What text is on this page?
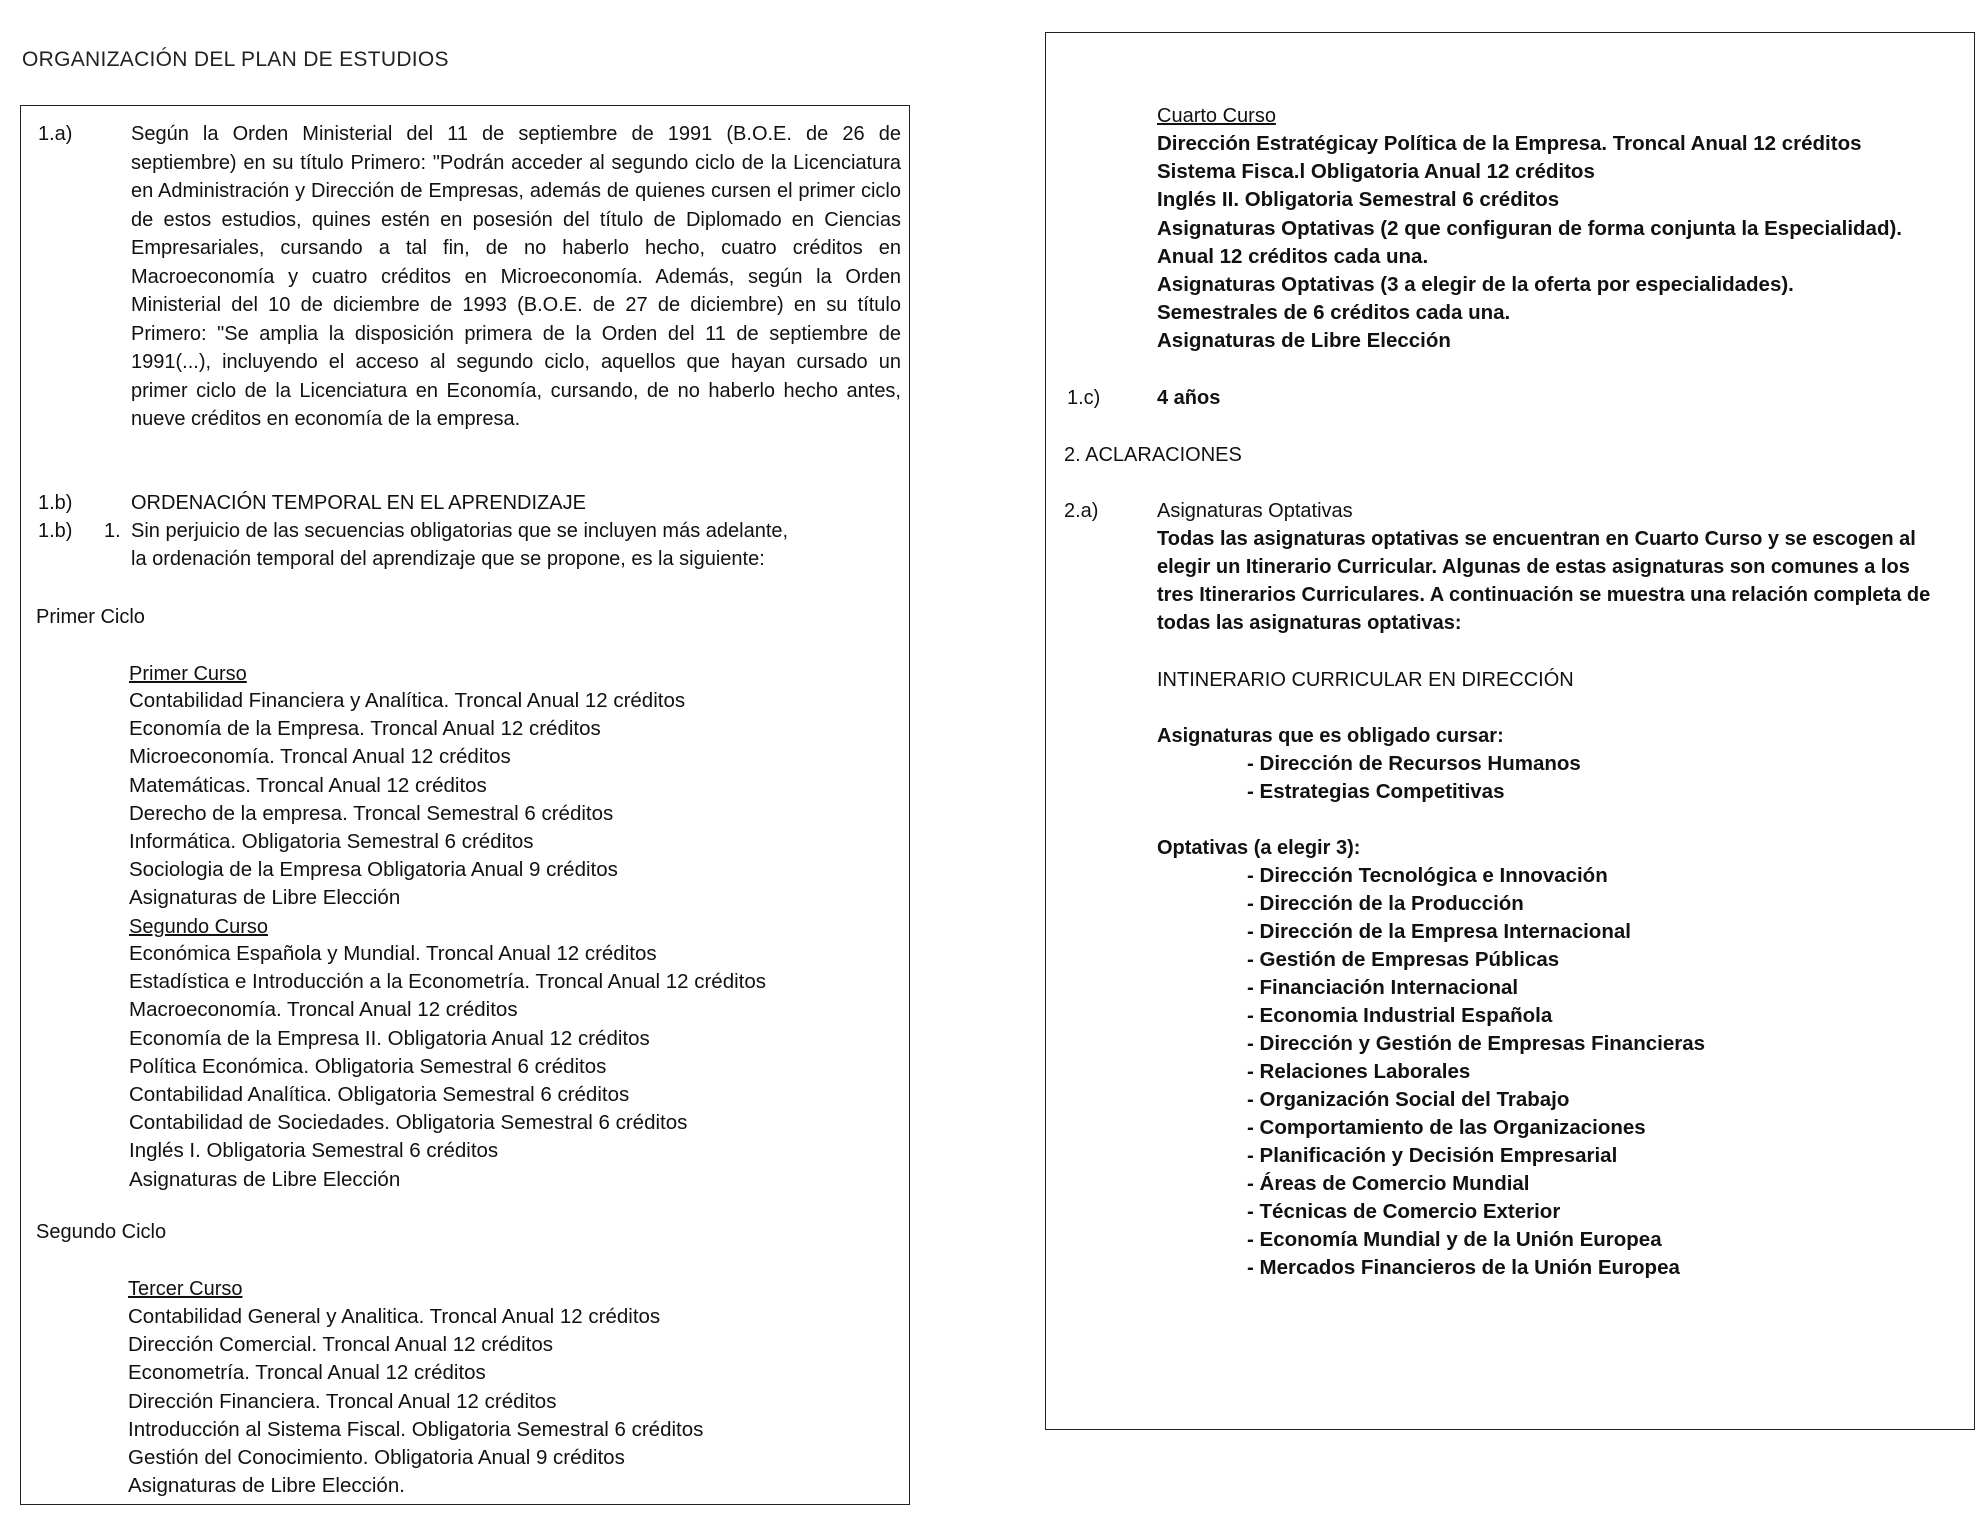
ORGANIZACIÓN DEL PLAN DE ESTUDIOS
1.a)	Según la Orden Ministerial del 11 de septiembre de 1991 (B.O.E. de 26 de septiembre) en su título Primero: "Podrán acceder al segundo ciclo de la Licenciatura en Administración y Dirección de Empresas, además de quienes cursen el primer ciclo de estos estudios, quines estén en posesión del título de Diplomado en Ciencias Empresariales, cursando a tal fin, de no haberlo hecho, cuatro créditos en Macroeconomía y cuatro créditos en Microeconomía. Además, según la Orden Ministerial del 10 de diciembre de 1993 (B.O.E. de 27 de diciembre) en su título Primero: "Se amplia la disposición primera de la Orden del 11 de septiembre de 1991(...), incluyendo el acceso al segundo ciclo, aquellos que hayan cursado un primer ciclo de la Licenciatura en Economía, cursando, de no haberlo hecho antes, nueve créditos en economía de la empresa.
1.b)	ORDENACIÓN TEMPORAL EN EL APRENDIZAJE
1.b) 1. Sin perjuicio de las secuencias obligatorias que se incluyen más adelante,
la ordenación temporal del aprendizaje que se propone, es la siguiente:
Primer Ciclo
Primer Curso
Contabilidad Financiera y Analítica. Troncal Anual 12 créditos
Economía de la Empresa. Troncal Anual 12 créditos
Microeconomía. Troncal Anual 12 créditos
Matemáticas. Troncal Anual 12 créditos
Derecho de la empresa. Troncal Semestral 6 créditos
Informática. Obligatoria Semestral 6 créditos
Sociologia de la Empresa Obligatoria Anual 9 créditos
Asignaturas de Libre Elección
Segundo Curso
Económica Española y Mundial. Troncal Anual 12 créditos
Estadística e Introducción a la Econometría. Troncal Anual 12 créditos
Macroeconomía. Troncal Anual 12 créditos
Economía de la Empresa II. Obligatoria Anual 12 créditos
Política Económica. Obligatoria Semestral 6 créditos
Contabilidad Analítica. Obligatoria Semestral 6 créditos
Contabilidad de Sociedades. Obligatoria Semestral 6 créditos
Inglés I. Obligatoria Semestral 6 créditos
Asignaturas de Libre Elección
Segundo Ciclo
Tercer Curso
Contabilidad General y Analitica. Troncal Anual 12 créditos
Dirección Comercial. Troncal Anual 12 créditos
Econometría. Troncal Anual 12 créditos
Dirección Financiera. Troncal Anual 12 créditos
Introducción al Sistema Fiscal. Obligatoria Semestral 6 créditos
Gestión del Conocimiento. Obligatoria Anual 9 créditos
Asignaturas de Libre Elección.
Cuarto Curso
Dirección Estratégicay Política de la Empresa. Troncal Anual 12 créditos
Sistema Fisca.l Obligatoria Anual 12 créditos
Inglés II. Obligatoria Semestral 6 créditos
Asignaturas Optativas (2 que configuran de forma conjunta la Especialidad).
Anual 12 créditos cada una.
Asignaturas Optativas (3 a elegir de la oferta por especialidades).
Semestrales de 6 créditos cada una.
Asignaturas de Libre Elección
1.c)	4 años
2. ACLARACIONES
2.a)	Asignaturas Optativas
Todas las asignaturas optativas se encuentran en Cuarto Curso y se escogen al elegir un Itinerario Curricular. Algunas de estas asignaturas son comunes a los tres Itinerarios Curriculares. A continuación se muestra una relación completa de todas las asignaturas optativas:
INTINERARIO CURRICULAR EN DIRECCIÓN
Asignaturas que es obligado cursar:
- Dirección de Recursos Humanos
- Estrategias Competitivas
Optativas (a elegir 3):
- Dirección Tecnológica e Innovación
- Dirección de la Producción
- Dirección de la Empresa Internacional
- Gestión de Empresas Públicas
- Financiación Internacional
- Economia Industrial Española
- Dirección y Gestión de Empresas Financieras
- Relaciones Laborales
- Organización Social del Trabajo
- Comportamiento de las Organizaciones
- Planificación y Decisión Empresarial
- Áreas de Comercio Mundial
- Técnicas de Comercio Exterior
- Economía Mundial y de la Unión Europea
- Mercados Financieros de la Unión Europea
